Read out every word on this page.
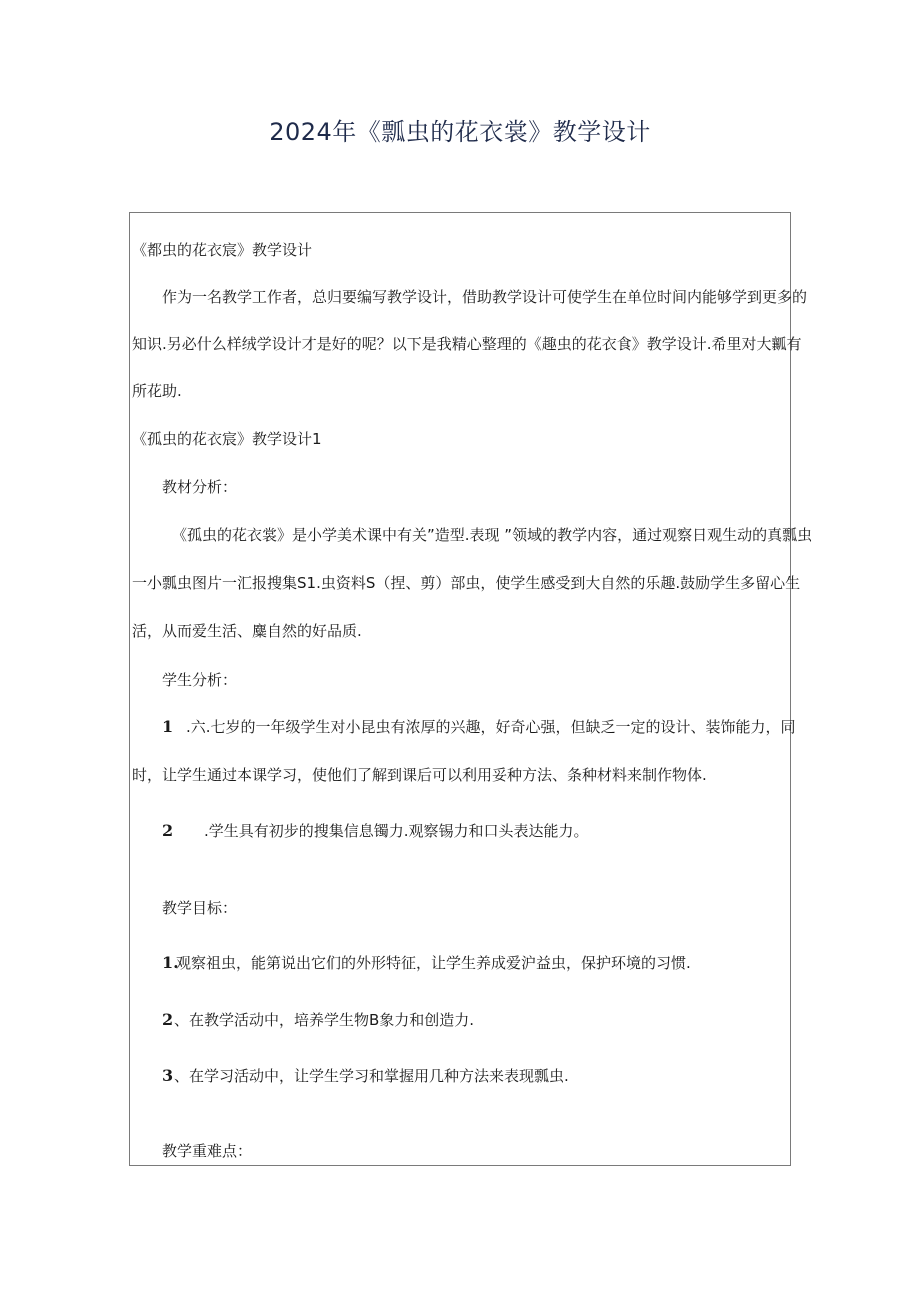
2024年《瓢虫的花衣裳》教学设计
《都虫的花衣宸》教学设计
作为一名教学工作者，总归要编写教学设计，借助教学设计可使学生在单位时间内能够学到更多的
知识.另必什么样绒学设计才是好的呢？以下是我精心整理的《趣虫的花衣食》教学设计.希里对大瓤有
所花助.
《孤虫的花衣宸》教学设计1
教材分析：
《孤虫的花衣裳》是小学美术课中有关”造型.表现 ”领域的教学内容，通过观察日观生动的真瓢虫
一小瓢虫图片一汇报搜集S1.虫资料S（捏、剪）部虫，使学生感受到大自然的乐趣.鼓励学生多留心生
活，从而爱生活、麋自然的好品质.
学生分析：
1 .六.七岁的一年级学生对小昆虫有浓厚的兴趣，好奇心强，但缺乏一定的设计、装饰能力，同
时，让学生通过本课学习，使他们了解到课后可以利用妥种方法、条种材料来制作物体.
2 .学生具有初步的搜集信息镯力.观察锡力和口头表达能力。
教学目标：
1.
观察祖虫，能第说出它们的外形特征，让学生养成爱沪益虫，保护环境的习惯.
2 、在教学活动中，培养学生物B象力和创造力.
3 、在学习活动中，让学生学习和掌握用几种方法来表现瓢虫.
教学重难点：
